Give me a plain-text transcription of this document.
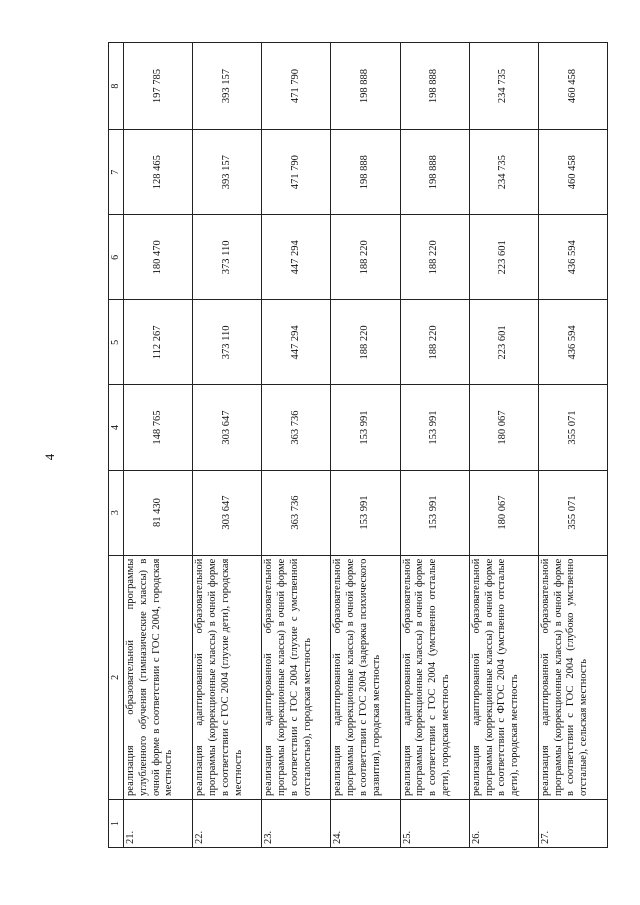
4
1	2	3	4	5	6	7	8
21.	реализация образовательной программы углубленного обучения (гимназические классы) в очной форме в соответствии с ГОС 2004, городская местность	81 430	148 765	112 267	180 470	128 465	197 785
22.	реализация адаптированной образовательной программы (коррекционные классы) в очной форме в соответствии с ГОС 2004 (глухие дети), городская местность	303 647	303 647	373 110	373 110	393 157	393 157
23.	реализация адаптированной образовательной программы (коррекционные классы) в очной форме в соответствии с ГОС 2004 (глухие с умственной отсталостью), городская местность	363 736	363 736	447 294	447 294	471 790	471 790
24.	реализация адаптированной образовательной программы (коррекционные классы) в очной форме в соответствии с ГОС 2004 (задержка психического развития), городская местность	153 991	153 991	188 220	188 220	198 888	198 888
25.	реализация адаптированной образовательной программы (коррекционные классы) в очной форме в соответствии с ГОС 2004 (умственно отсталые дети), городская местность	153 991	153 991	188 220	188 220	198 888	198 888
26.	реализация адаптированной образовательной программы (коррекционные классы) в очной форме в соответствии с ФГОС 2004 (умственно отсталые дети), городская местность	180 067	180 067	223 601	223 601	234 735	234 735
27.	реализация адаптированной образовательной программы (коррекционные классы) в очной форме в соответствии с ГОС 2004 (глубоко умственно отсталые), сельская местность	355 071	355 071	436 594	436 594	460 458	460 458
